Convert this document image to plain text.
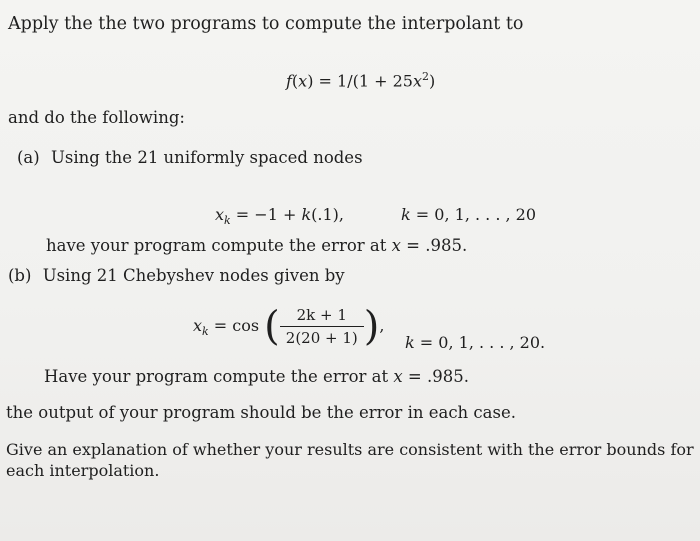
Apply the the two programs to compute the interpolant to
$f(x) = 1/(1 + 25x^2)$
and do the following:
(a) Using the 21 uniformly spaced nodes
$x_k = -1 + k(.1)$,	k = 0, 1, . . . , 20
have your program compute the error at x = .985.
(b) Using 21 Chebyshev nodes given by
$x_k = \cos$ ( $\frac{2k + 1}{2(20 + 1)}$ ),
k = 0, 1, . . . , 20.
Have your program compute the error at x = .985.
the output of your program should be the error in each case.
Give an explanation of whether your results are consistent with the error bounds for
each interpolation.
